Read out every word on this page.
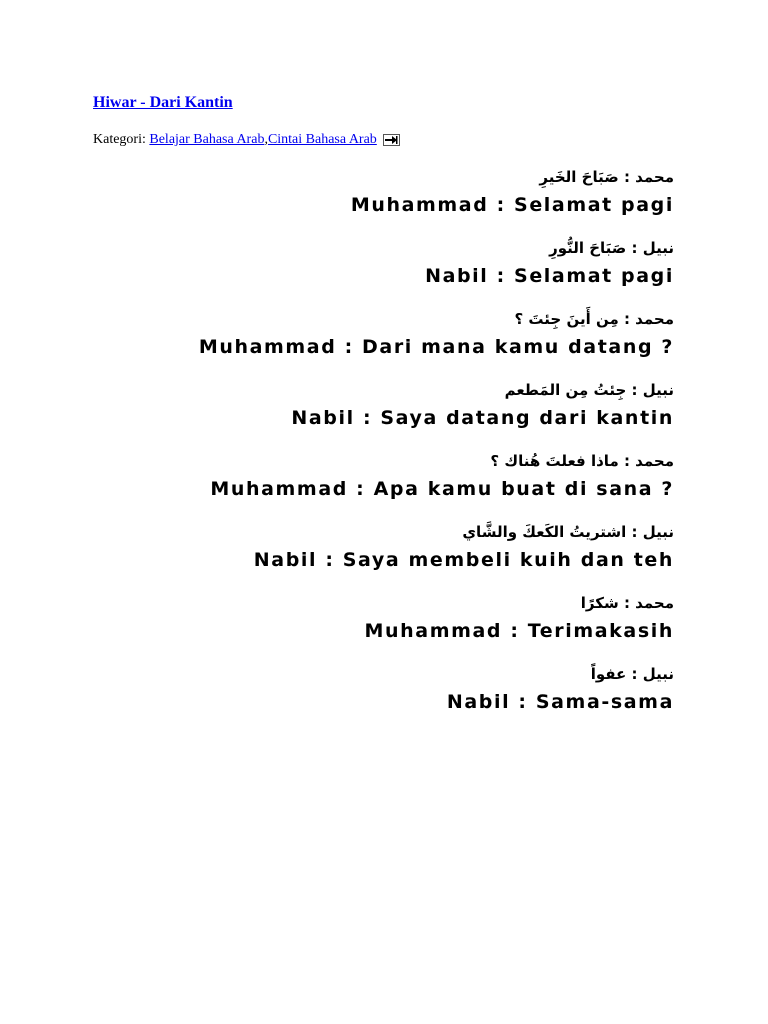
Hiwar - Dari Kantin
Kategori:
Belajar Bahasa Arab , Cintai Bahasa Arab
محمد : صَبَاحَ الخَيرِ
Muhammad : Selamat pagi
نبيل : صَبَاحَ النُّورِ
Nabil : Selamat pagi
محمد : مِن أَينَ جِئتَ ؟
Muhammad : Dari mana kamu datang ?
نبيل : جِئتُ مِن المَطعم
Nabil : Saya datang dari kantin
محمد : ماذا فعلتَ هُناك ؟
Muhammad : Apa kamu buat di sana ?
نبيل : اشتريتُ الكَعكَ والشَّاي
Nabil : Saya membeli kuih dan teh
محمد : شكرًا
Muhammad : Terimakasih
نبيل : عفواً
Nabil : Sama-sama
